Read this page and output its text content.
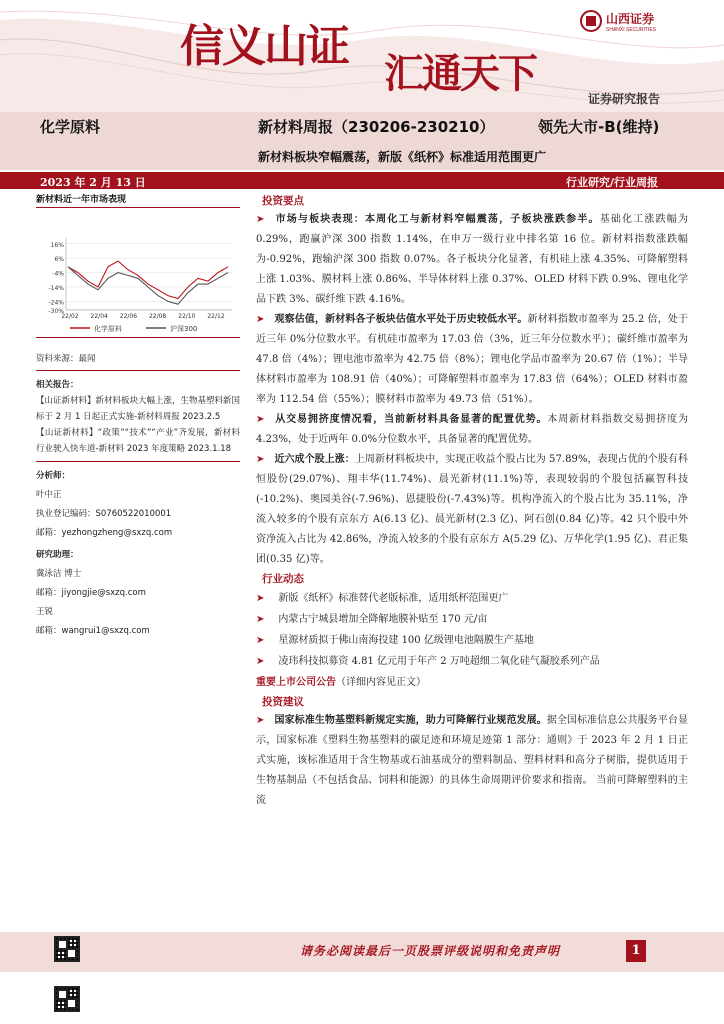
信义山证
汇通天下
山西证券
SHANXI SECURITIES
证券研究报告
化学原料	新材料周报（230206-230210）	领先大市-B(维持)
新材料板块窄幅震荡，新版《纸杯》标准适用范围更广
2023 年 2 月 13 日	行业研究/行业周报
新材料近一年市场表现
16%
6%
-4%
-14%
-24%
-30%
22/02 22/04 22/06 22/08 22/10 22/12
化学原料	沪深300
资料来源：最闻
相关报告：
【山证新材料】新材料板块大幅上涨，生物基塑料新国标于 2 月 1 日起正式实施-新材料周报 2023.2.5
【山证新材料】“政策”“技术”“产业”齐发展，新材料行业驶入快车道-新材料 2023 年度策略 2023.1.18
分析师：
叶中正
执业登记编码：S0760522010001
邮箱：yezhongzheng@sxzq.com
研究助理：
冀泳洁 博士
邮箱：jiyongjie@sxzq.com
王锐
邮箱：wangrui1@sxzq.com
投资要点
➤ 市场与板块表现：本周化工与新材料窄幅震荡，子板块涨跌参半。基础化工涨跌幅为 0.29%，跑赢沪深 300 指数 1.14%，在申万一级行业中排名第 16 位。新材料指数涨跌幅为-0.92%，跑输沪深 300 指数 0.07%。各子板块分化显著，有机硅上涨 4.35%、可降解塑料上涨 1.03%、膜材料上涨 0.86%、半导体材料上涨 0.37%、OLED 材料下跌 0.9%、锂电化学品下跌 3%、碳纤维下跌 4.16%。
➤ 观察估值，新材料各子板块估值水平处于历史较低水平。新材料指数市盈率为 25.2 倍，处于近三年 0%分位数水平。有机硅市盈率为 17.03 倍（3%，近三年分位数水平）；碳纤维市盈率为 47.8 倍（4%）；锂电池市盈率为 42.75 倍（8%）；锂电化学品市盈率为 20.67 倍（1%）；半导体材料市盈率为 108.91 倍（40%）；可降解塑料市盈率为 17.83 倍（64%）；OLED 材料市盈率为 112.54 倍（55%）；膜材料市盈率为 49.73 倍（51%）。
➤ 从交易拥挤度情况看，当前新材料具备显著的配置优势。本周新材料指数交易拥挤度为 4.23%，处于近两年 0.0%分位数水平，具备显著的配置优势。
➤ 近六成个股上涨：上周新材料板块中，实现正收益个股占比为 57.89%，表现占优的个股有科恒股份(29.07%)、翔丰华(11.74%)、晨光新材(11.1%)等，表现较弱的个股包括赢智科技(-10.2%)、奥园美谷(-7.96%)、恩捷股份(-7.43%)等。机构净流入的个股占比为 35.11%，净流入较多的个股有京东方 A(6.13 亿)、晨光新材(2.3 亿)、阿石创(0.84 亿)等。42 只个股中外资净流入占比为 42.86%，净流入较多的个股有京东方 A(5.29 亿)、万华化学(1.95 亿)、君正集团(0.35 亿)等。
行业动态
➤ 新版《纸杯》标准替代老版标准，适用纸杯范围更广
➤ 内蒙古宁城县增加全降解地膜补贴至 170 元/亩
➤ 星源材质拟于佛山南海投建 100 亿级锂电池隔膜生产基地
➤ 凌玮科技拟募资 4.81 亿元用于年产 2 万吨超细二氧化硅气凝胶系列产品
重要上市公司公告（详细内容见正文）
投资建议
➤ 国家标准生物基塑料新规定实施，助力可降解行业规范发展。据全国标准信息公共服务平台显示，国家标准《塑料生物基塑料的碳足迹和环境足迹第 1 部分：通则》于 2023 年 2 月 1 日正式实施，该标准适用于含生物基或石油基成分的塑料制品、塑料材料和高分子树脂，提供适用于生物基制品（不包括食品、饲料和能源）的具体生命周期评价要求和指南。 当前可降解塑料的主流
请务必阅读最后一页股票评级说明和免责声明	1
